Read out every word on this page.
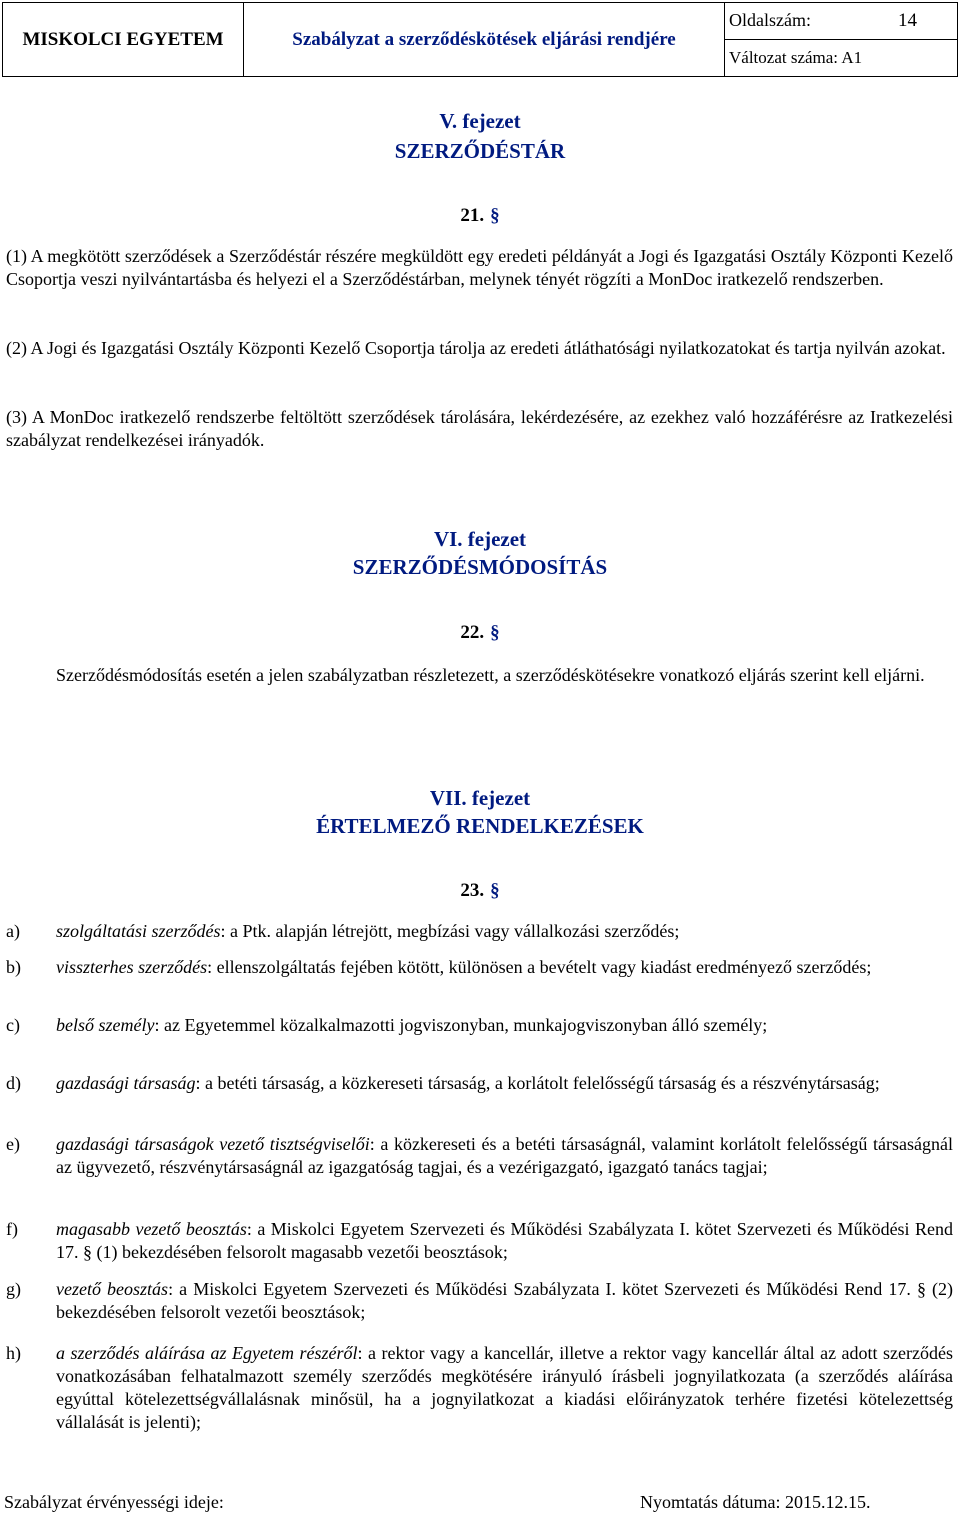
MISKOLCI EGYETEM	Szabályzat a szerződéskötések eljárási rendjére	Oldalszám:	14

Változat száma: A1
V. fejezet
SZERZŐDÉSTÁR
21. §

(1) A megkötött szerződések a Szerződéstár részére megküldött egy eredeti példányát a Jogi és Igazgatási Osztály Központi Kezelő Csoportja veszi nyilvántartásba és helyezi el a Szerződéstárban, melynek tényét rögzíti a MonDoc iratkezelő rendszerben.

(2) A Jogi és Igazgatási Osztály Központi Kezelő Csoportja tárolja az eredeti átláthatósági nyilatkozatokat és tartja nyilván azokat.

(3) A MonDoc iratkezelő rendszerbe feltöltött szerződések tárolására, lekérdezésére, az ezekhez való hozzáférésre az Iratkezelési szabályzat rendelkezései irányadók.

VI. fejezet
SZERZŐDÉSMÓDOSÍTÁS
22. §

Szerződésmódosítás esetén a jelen szabályzatban részletezett, a szerződéskötésekre vonatkozó eljárás szerint kell eljárni.

VII. fejezet
ÉRTELMEZŐ RENDELKEZÉSEK
23. §
a) szolgáltatási szerződés: a Ptk. alapján létrejött, megbízási vagy vállalkozási szerződés;

b) visszterhes szerződés: ellenszolgáltatás fejében kötött, különösen a bevételt vagy kiadást eredményező szerződés;

c) belső személy: az Egyetemmel közalkalmazotti jogviszonyban, munkajogviszonyban álló személy;

d) gazdasági társaság: a betéti társaság, a közkereseti társaság, a korlátolt felelősségű társaság és a részvénytársaság;

e) gazdasági társaságok vezető tisztségviselői: a közkereseti és a betéti társaságnál, valamint korlátolt felelősségű társaságnál az ügyvezető, részvénytársaságnál az igazgatóság tagjai, és a vezérigazgató, igazgató tanács tagjai;

f) magasabb vezető beosztás: a Miskolci Egyetem Szervezeti és Működési Szabályzata I. kötet Szervezeti és Működési Rend 17. § (1) bekezdésében felsorolt magasabb vezetői beosztások;

g) vezető beosztás: a Miskolci Egyetem Szervezeti és Működési Szabályzata I. kötet Szervezeti és Működési Rend 17. § (2) bekezdésében felsorolt vezetői beosztások;

h) a szerződés aláírása az Egyetem részéről: a rektor vagy a kancellár, illetve a rektor vagy kancellár által az adott szerződés vonatkozásában felhatalmazott személy szerződés megkötésére irányuló írásbeli jognyilatkozata (a szerződés aláírása egyúttal kötelezettségvállalásnak minősül, ha a jognyilatkozat a kiadási előirányzatok terhére fizetési kötelezettség vállalását is jelenti);

Szabályzat érvényességi ideje:	Nyomtatás dátuma: 2015.12.15.
